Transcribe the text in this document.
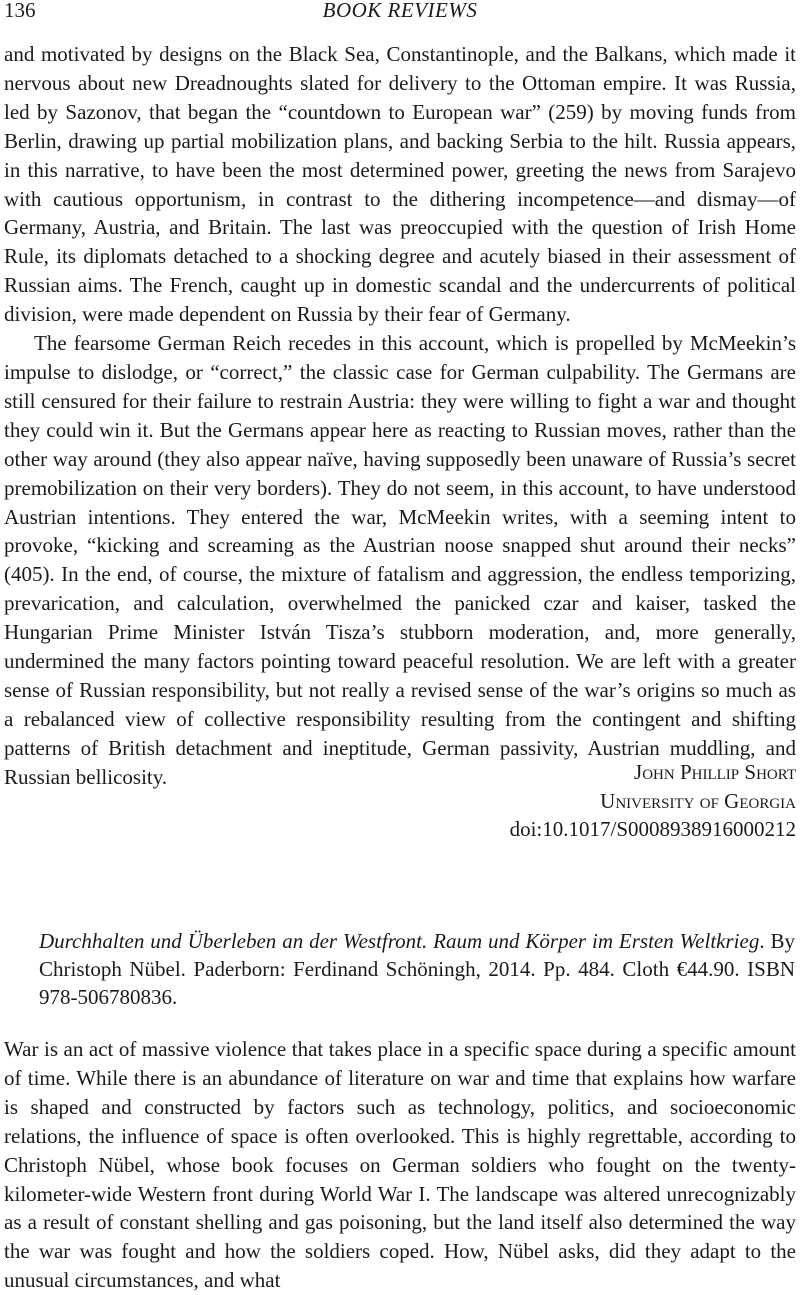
136	BOOK REVIEWS

and motivated by designs on the Black Sea, Constantinople, and the Balkans, which made it nervous about new Dreadnoughts slated for delivery to the Ottoman empire. It was Russia, led by Sazonov, that began the “countdown to European war” (259) by moving funds from Berlin, drawing up partial mobilization plans, and backing Serbia to the hilt. Russia appears, in this narrative, to have been the most determined power, greeting the news from Sarajevo with cautious opportunism, in contrast to the dithering incompetence—and dismay—of Germany, Austria, and Britain. The last was preoccupied with the question of Irish Home Rule, its diplomats detached to a shocking degree and acutely biased in their assessment of Russian aims. The French, caught up in domestic scandal and the undercurrents of political division, were made dependent on Russia by their fear of Germany.

The fearsome German Reich recedes in this account, which is propelled by McMeekin’s impulse to dislodge, or “correct,” the classic case for German culpability. The Germans are still censured for their failure to restrain Austria: they were willing to fight a war and thought they could win it. But the Germans appear here as reacting to Russian moves, rather than the other way around (they also appear naïve, having supposedly been unaware of Russia’s secret premobilization on their very borders). They do not seem, in this account, to have understood Austrian intentions. They entered the war, McMeekin writes, with a seeming intent to provoke, “kicking and screaming as the Austrian noose snapped shut around their necks” (405). In the end, of course, the mixture of fatalism and aggression, the endless temporizing, prevarication, and calculation, overwhelmed the panicked czar and kaiser, tasked the Hungarian Prime Minister István Tisza’s stubborn moderation, and, more generally, undermined the many factors pointing toward peaceful resolution. We are left with a greater sense of Russian responsibility, but not really a revised sense of the war’s origins so much as a rebalanced view of collective responsibility resulting from the contingent and shifting patterns of British detachment and ineptitude, German passivity, Austrian muddling, and Russian bellicosity.	John Phillip Short
University of Georgia
doi:10.1017/S0008938916000212
Durchhalten und Überleben an der Westfront. Raum und Körper im Ersten Weltkrieg. By Christoph Nübel. Paderborn: Ferdinand Schöningh, 2014. Pp. 484. Cloth €44.90. ISBN 978-506780836.

War is an act of massive violence that takes place in a specific space during a specific amount of time. While there is an abundance of literature on war and time that explains how warfare is shaped and constructed by factors such as technology, politics, and socioeconomic relations, the influence of space is often overlooked. This is highly regrettable, according to Christoph Nübel, whose book focuses on German soldiers who fought on the twenty-kilometer-wide Western front during World War I. The landscape was altered unrecognizably as a result of constant shelling and gas poisoning, but the land itself also determined the way the war was fought and how the soldiers coped. How, Nübel asks, did they adapt to the unusual circumstances, and what
